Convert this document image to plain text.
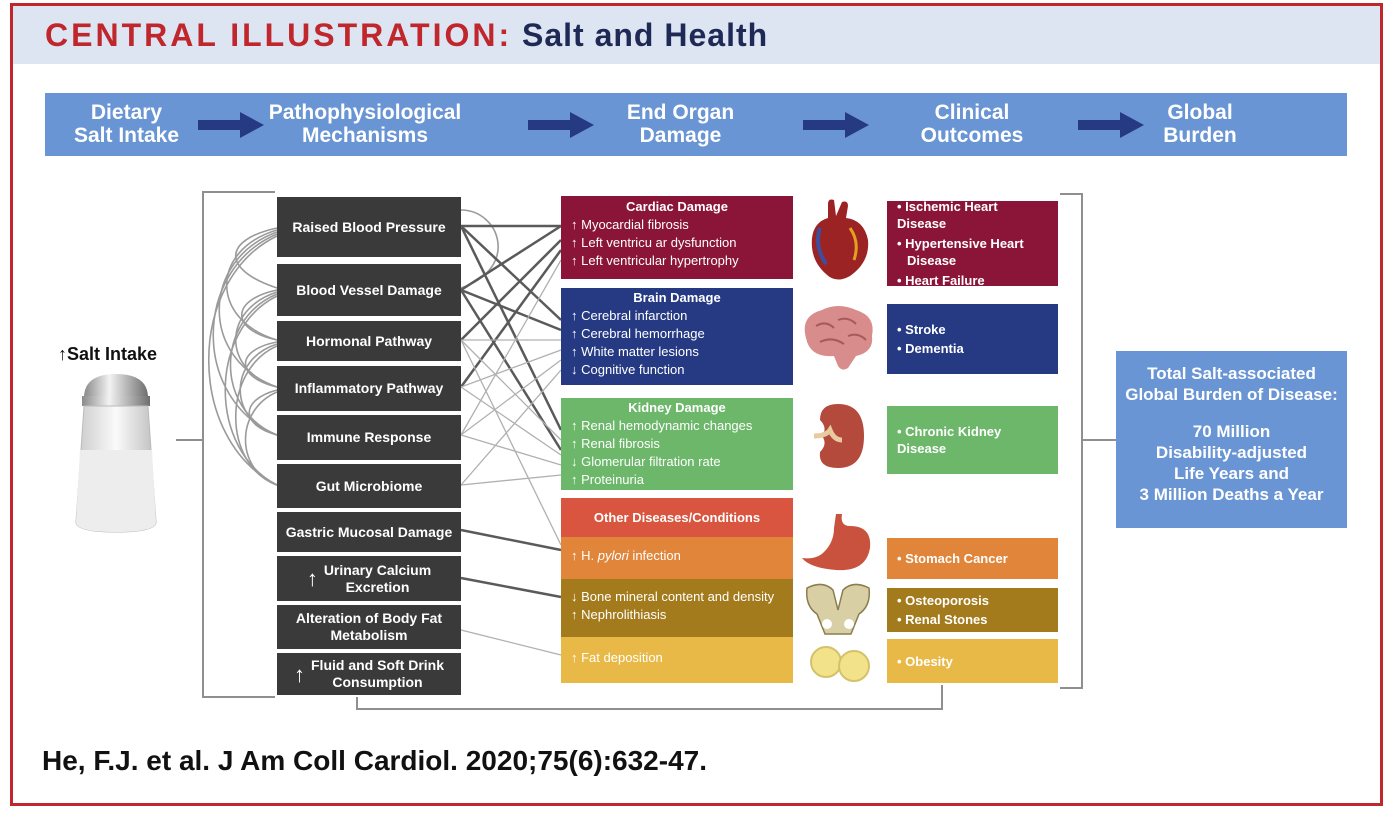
CENTRAL ILLUSTRATION: Salt and Health
Dietary
Salt Intake
Pathophysiological
Mechanisms
End Organ
Damage
Clinical
Outcomes
Global
Burden
↑Salt Intake
Raised Blood Pressure
Blood Vessel Damage
Hormonal Pathway
Inflammatory Pathway
Immune Response
Gut Microbiome
Gastric Mucosal Damage
↑ Urinary Calcium
Excretion
Alteration of Body Fat
Metabolism
↑ Fluid and Soft Drink
Consumption
Cardiac Damage
↑ Myocardial fibrosis
↑ Left ventricu ar dysfunction
↑ Left ventricular hypertrophy
Brain Damage
↑ Cerebral infarction
↑ Cerebral hemorrhage
↑ White matter lesions
↓ Cognitive function
Kidney Damage
↑ Renal hemodynamic changes
↑ Renal fibrosis
↓ Glomerular filtration rate
↑ Proteinuria
Other Diseases/Conditions
↑ H. pylori infection
↓ Bone mineral content and density
↑ Nephrolithiasis
↑ Fat deposition
• Ischemic Heart Disease
• Hypertensive Heart
Disease
• Heart Failure
• Stroke
• Dementia
• Chronic Kidney Disease
• Stomach Cancer
• Osteoporosis
• Renal Stones
• Obesity
Total Salt-associated
Global Burden of Disease:
70 Million
Disability-adjusted
Life Years and
3 Million Deaths a Year
He, F.J. et al. J Am Coll Cardiol. 2020;75(6):632-47.
